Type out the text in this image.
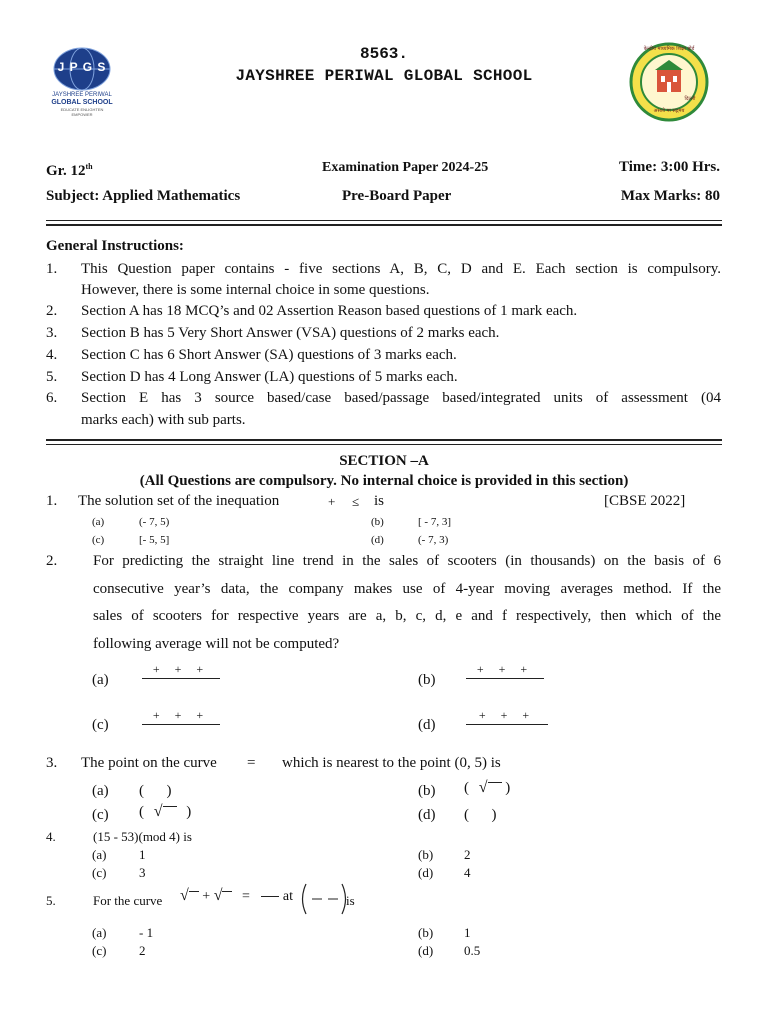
J P G S
JAYSHREE PERIWAL
GLOBAL SCHOOL
EDUCATE ENLIGHTEN EMPOWER
8563.
JAYSHREE PERIWAL GLOBAL SCHOOL
केन्द्रीय माध्यमिक शिक्षा बोर्ड
दिल्ली
असतो मा सद्गमय
Gr. 12th	Examination Paper 2024-25	Time: 3:00 Hrs.
Subject: Applied Mathematics	Pre-Board Paper	Max Marks: 80
General Instructions:
1. This Question paper contains - five sections A, B, C, D and E. Each section is compulsory.
However, there is some internal choice in some questions.
2. Section A has 18 MCQ’s and 02 Assertion Reason based questions of 1 mark each.
3. Section B has 5 Very Short Answer (VSA) questions of 2 marks each.
4. Section C has 6 Short Answer (SA) questions of 3 marks each.
5. Section D has 4 Long Answer (LA) questions of 5 marks each.
6. Section E has 3 source based/case based/passage based/integrated units of assessment (04
marks each) with sub parts.
SECTION –A
(All Questions are compulsory. No internal choice is provided in this section)
1. The solution set of the inequation	+ ≤ is	[CBSE 2022]
(a)	(- 7, 5)	(b)	[ - 7, 3]
(c)	[- 5, 5]	(d)	(- 7, 3)
2. For predicting the straight line trend in the sales of scooters (in thousands) on the basis of 6
consecutive year’s data, the company makes use of 4-year moving averages method. If the
sales of scooters for respective years are a, b, c, d, e and f respectively, then which of the
following average will not be computed?
(a)
+ + +
(b)
+ + +
(c)
+ + +
(d)
+ + +
3. The point on the curve = which is nearest to the point (0, 5) is
(a) (      )	(b) ( √ )
(c) ( √ )	(d) (      )
4.	(15 - 53)(mod 4) is
(a)	1	(b) 2
(c)	3	(d) 4
5.	For the curve √ + √ = at	is
(a)	- 1	(b) 1
(c)	2	(d) 0.5
